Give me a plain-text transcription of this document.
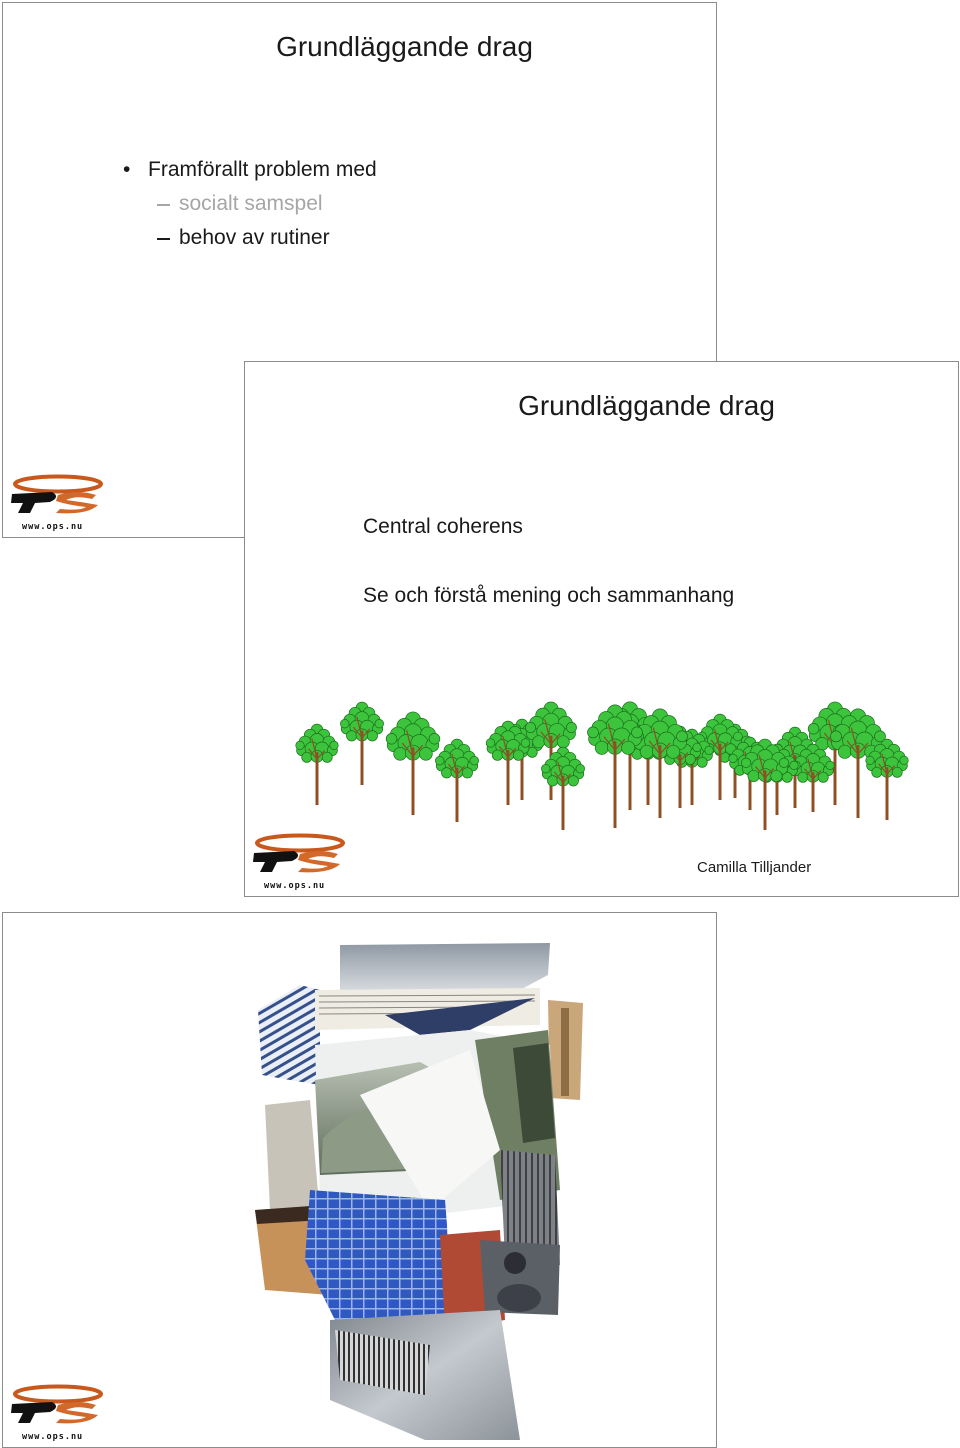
Grundläggande drag
• Framförallt problem med
socialt samspel
behov av rutiner
www.ops.nu
Grundläggande drag
Central coherens
Se och förstå mening och sammanhang
www.ops.nu
Camilla Tilljander
www.ops.nu
